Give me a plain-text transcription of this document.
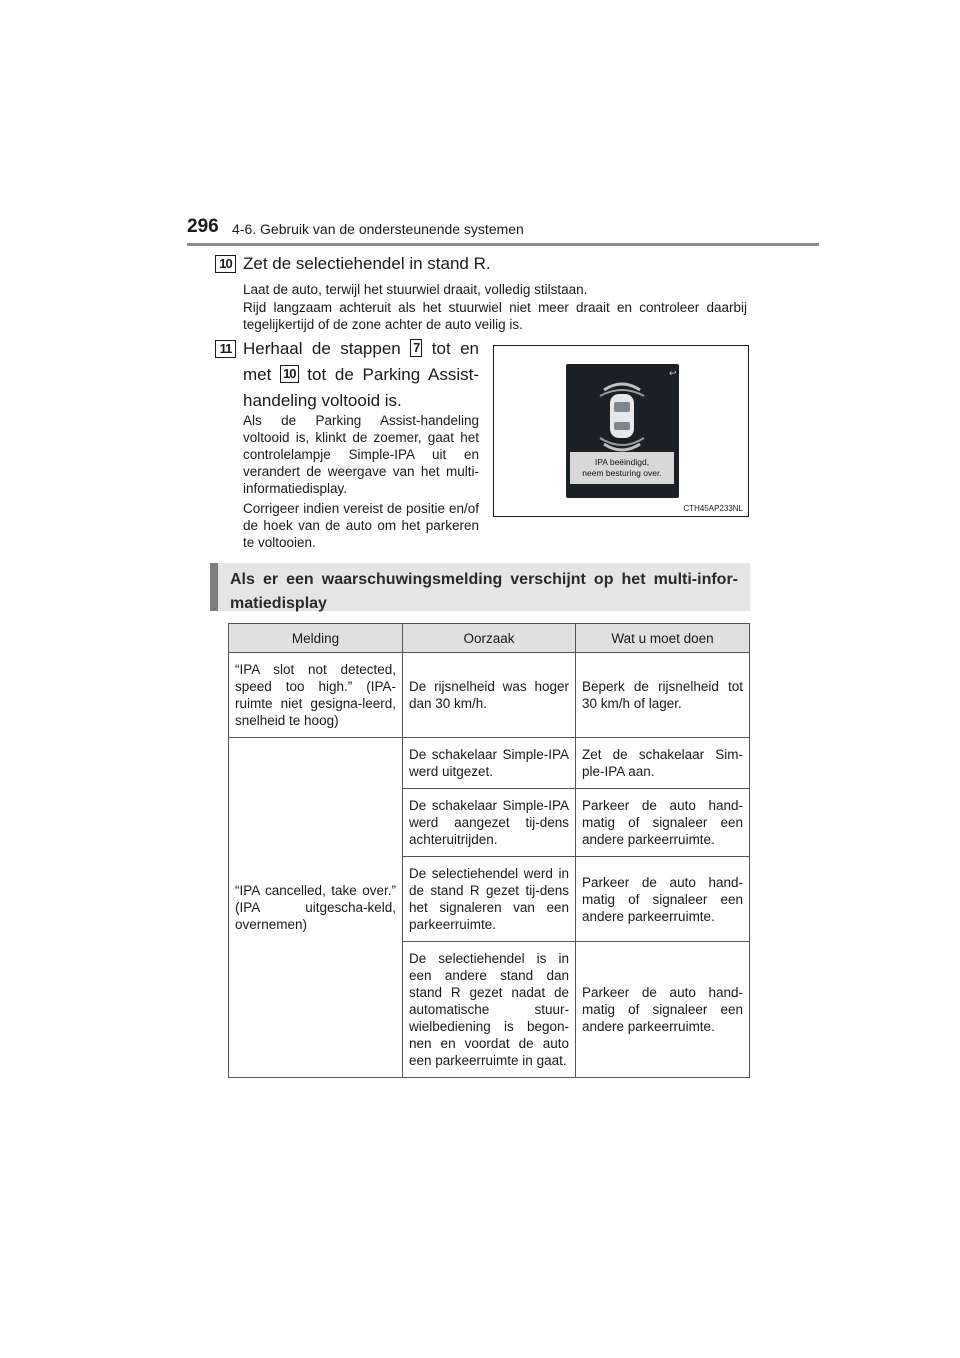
296 4-6. Gebruik van de ondersteunende systemen
10 Zet de selectiehendel in stand R.
Laat de auto, terwijl het stuurwiel draait, volledig stilstaan.
Rijd langzaam achteruit als het stuurwiel niet meer draait en controleer daarbij tegelijkertijd of de zone achter de auto veilig is.
11 Herhaal de stappen 7 tot en met 10 tot de Parking Assist-handeling voltooid is.
Als de Parking Assist-handeling voltooid is, klinkt de zoemer, gaat het controlelampje Simple-IPA uit en verandert de weergave van het multi-informatiedisplay.
Corrigeer indien vereist de positie en/of de hoek van de auto om het parkeren te voltooien.
↩
IPA beëindigd,
neem besturing over.
CTH45AP233NL
Als er een waarschuwingsmelding verschijnt op het multi-infor-matiedisplay
Melding	Oorzaak	Wat u moet doen
“IPA slot not detected, speed too high.” (IPA-ruimte niet gesigna-leerd, snelheid te hoog)	De rijsnelheid was hoger dan 30 km/h.	Beperk de rijsnelheid tot 30 km/h of lager.
“IPA cancelled, take over.” (IPA uitgescha-keld, overnemen)	De schakelaar Simple-IPA werd uitgezet.	Zet de schakelaar Sim-ple-IPA aan.
	De schakelaar Simple-IPA werd aangezet tij-dens achteruitrijden.	Parkeer de auto hand-matig of signaleer een andere parkeerruimte.
	De selectiehendel werd in de stand R gezet tij-dens het signaleren van een parkeerruimte.	Parkeer de auto hand-matig of signaleer een andere parkeerruimte.
	De selectiehendel is in een andere stand dan stand R gezet nadat de automatische stuur-wielbediening is begon-nen en voordat de auto een parkeerruimte in gaat.	Parkeer de auto hand-matig of signaleer een andere parkeerruimte.
